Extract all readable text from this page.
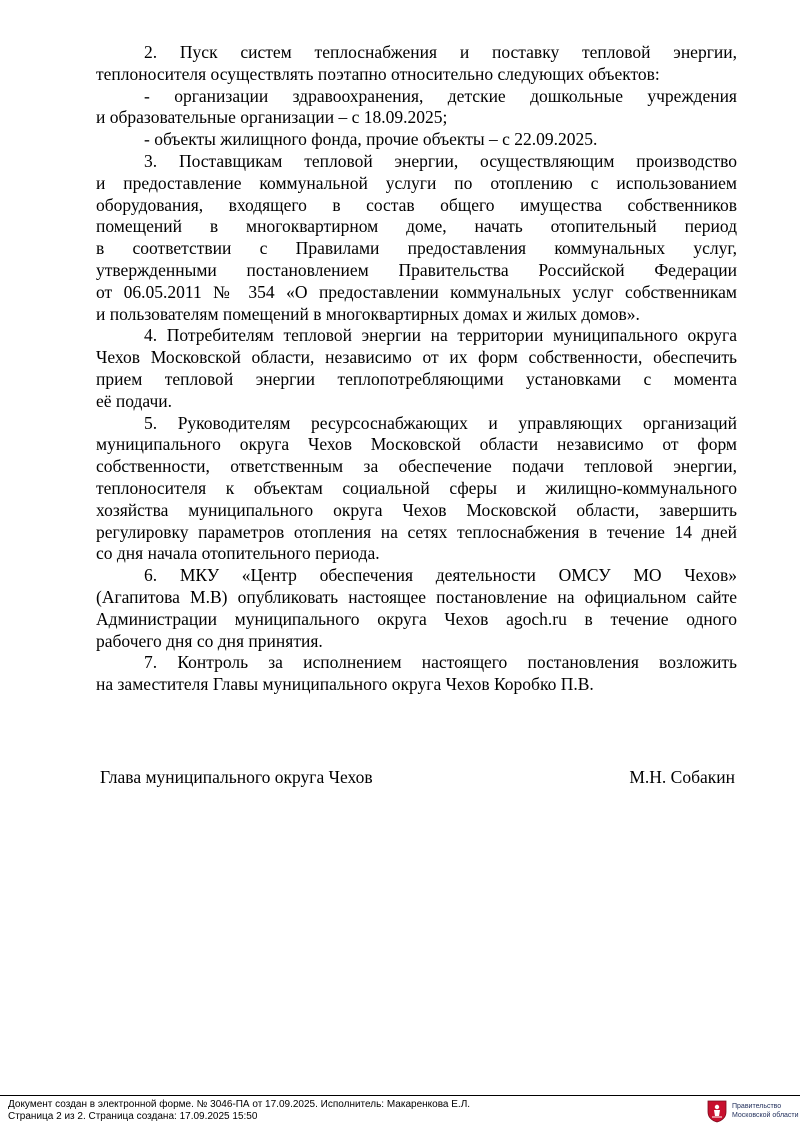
2. Пуск систем теплоснабжения и поставку тепловой энергии,
теплоносителя осуществлять поэтапно относительно следующих объектов:

- организации здравоохранения, детские дошкольные учреждения
и образовательные организации – с 18.09.2025;

- объекты жилищного фонда, прочие объекты – с 22.09.2025.

3. Поставщикам тепловой энергии, осуществляющим производство
и предоставление коммунальной услуги по отоплению с использованием
оборудования, входящего в состав общего имущества собственников
помещений в многоквартирном доме, начать отопительный период
в соответствии с Правилами предоставления коммунальных услуг,
утвержденными постановлением Правительства Российской Федерации
от 06.05.2011 № 354 «О предоставлении коммунальных услуг собственникам
и пользователям помещений в многоквартирных домах и жилых домов».

4. Потребителям тепловой энергии на территории муниципального округа
Чехов Московской области, независимо от их форм собственности, обеспечить
прием тепловой энергии теплопотребляющими установками с момента
её подачи.

5. Руководителям ресурсоснабжающих и управляющих организаций
муниципального округа Чехов Московской области независимо от форм
собственности, ответственным за обеспечение подачи тепловой энергии,
теплоносителя к объектам социальной сферы и жилищно-коммунального
хозяйства муниципального округа Чехов Московской области, завершить
регулировку параметров отопления на сетях теплоснабжения в течение 14 дней
со дня начала отопительного периода.

6. МКУ «Центр обеспечения деятельности ОМСУ МО Чехов»
(Агапитова М.В) опубликовать настоящее постановление на официальном сайте
Администрации муниципального округа Чехов agoch.ru в течение одного
рабочего дня со дня принятия.

7. Контроль за исполнением настоящего постановления возложить
на заместителя Главы муниципального округа Чехов Коробко П.В.

Глава муниципального округа Чехов	М.Н. Собакин
Документ создан в электронной форме. № 3046-ПА от 17.09.2025. Исполнитель: Макаренкова Е.Л.
Страница 2 из 2. Страница создана: 17.09.2025 15:50
Правительство
Московской области
